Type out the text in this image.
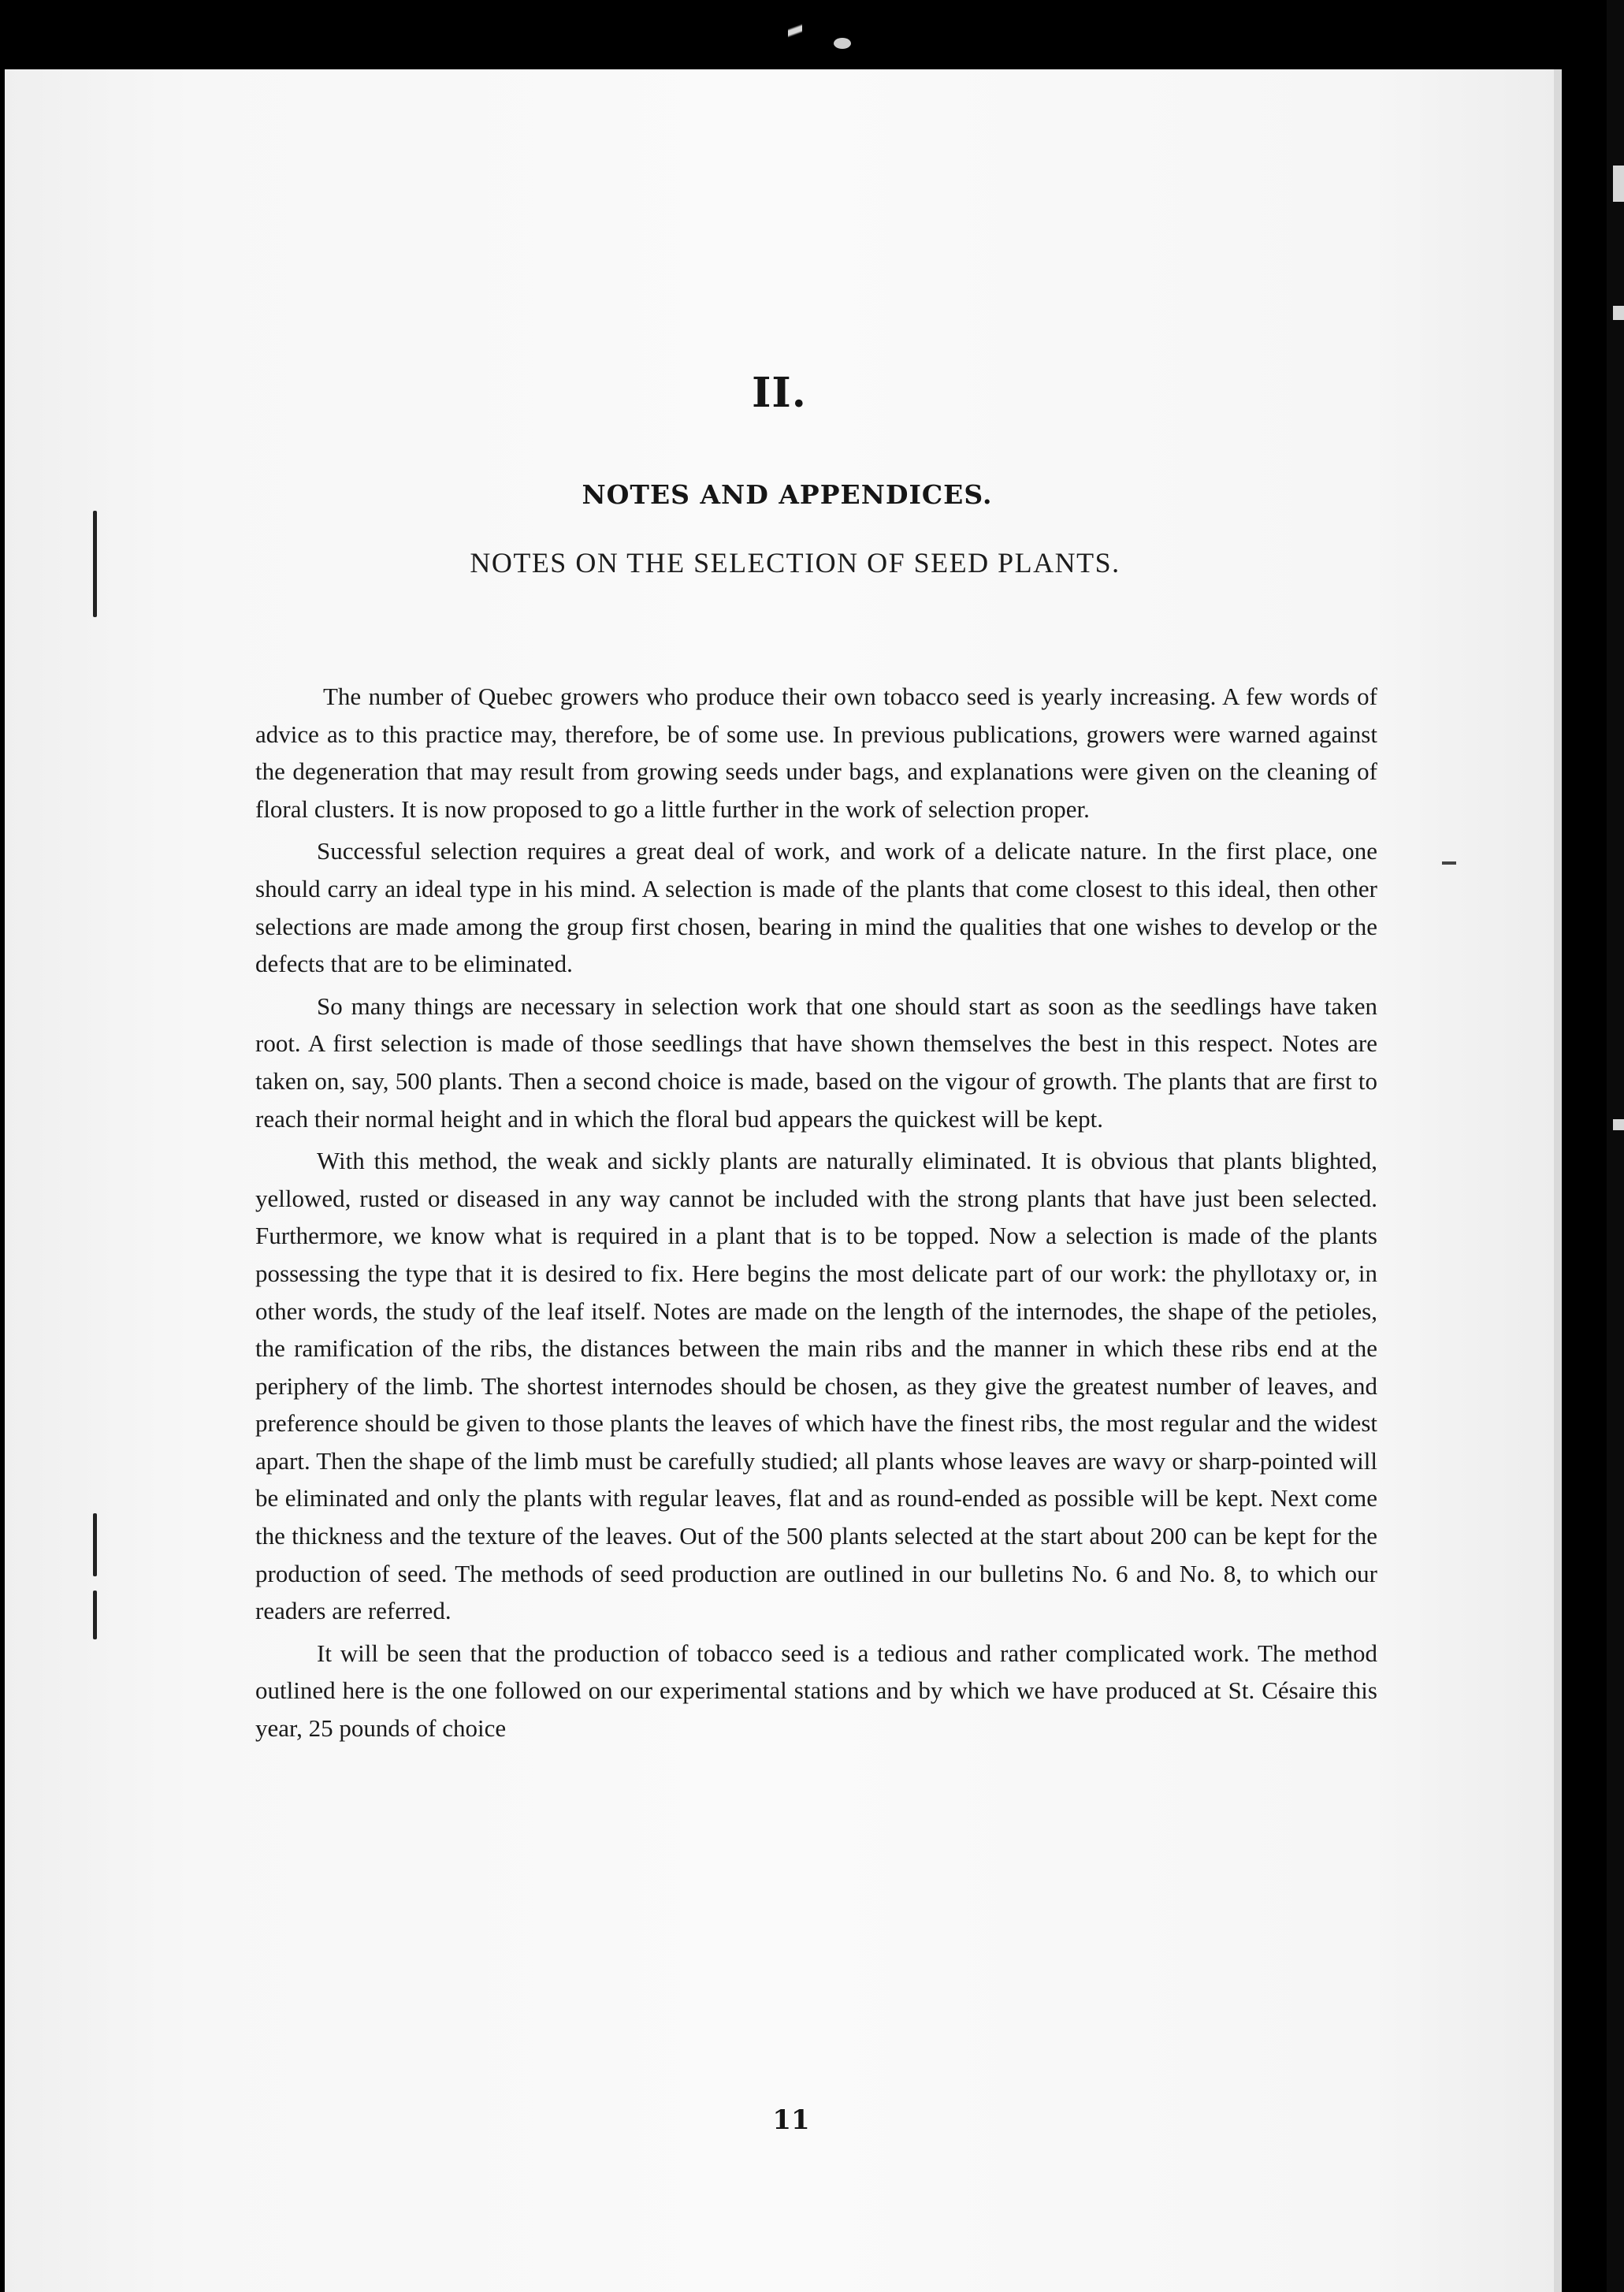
II.
NOTES AND APPENDICES.
NOTES ON THE SELECTION OF SEED PLANTS.

The number of Quebec growers who produce their own tobacco seed is yearly increasing. A few words of advice as to this practice may, therefore, be of some use. In previous publications, growers were warned against the degeneration that may result from growing seeds under bags, and explanations were given on the cleaning of floral clusters. It is now proposed to go a little further in the work of selection proper.

Successful selection requires a great deal of work, and work of a delicate nature. In the first place, one should carry an ideal type in his mind. A selection is made of the plants that come closest to this ideal, then other selections are made among the group first chosen, bearing in mind the qualities that one wishes to develop or the defects that are to be eliminated.

So many things are necessary in selection work that one should start as soon as the seedlings have taken root. A first selection is made of those seedlings that have shown themselves the best in this respect. Notes are taken on, say, 500 plants. Then a second choice is made, based on the vigour of growth. The plants that are first to reach their normal height and in which the floral bud appears the quickest will be kept.

With this method, the weak and sickly plants are naturally eliminated. It is obvious that plants blighted, yellowed, rusted or diseased in any way cannot be included with the strong plants that have just been selected. Furthermore, we know what is required in a plant that is to be topped. Now a selection is made of the plants possessing the type that it is desired to fix. Here begins the most delicate part of our work: the phyllotaxy or, in other words, the study of the leaf itself. Notes are made on the length of the internodes, the shape of the petioles, the ramification of the ribs, the distances between the main ribs and the manner in which these ribs end at the periphery of the limb. The shortest internodes should be chosen, as they give the greatest number of leaves, and preference should be given to those plants the leaves of which have the finest ribs, the most regular and the widest apart. Then the shape of the limb must be carefully studied; all plants whose leaves are wavy or sharp-pointed will be eliminated and only the plants with regular leaves, flat and as round-ended as possible will be kept. Next come the thickness and the texture of the leaves. Out of the 500 plants selected at the start about 200 can be kept for the production of seed. The methods of seed production are outlined in our bulletins No. 6 and No. 8, to which our readers are referred.

It will be seen that the production of tobacco seed is a tedious and rather complicated work. The method outlined here is the one followed on our experimental stations and by which we have produced at St. Césaire this year, 25 pounds of choice

11
